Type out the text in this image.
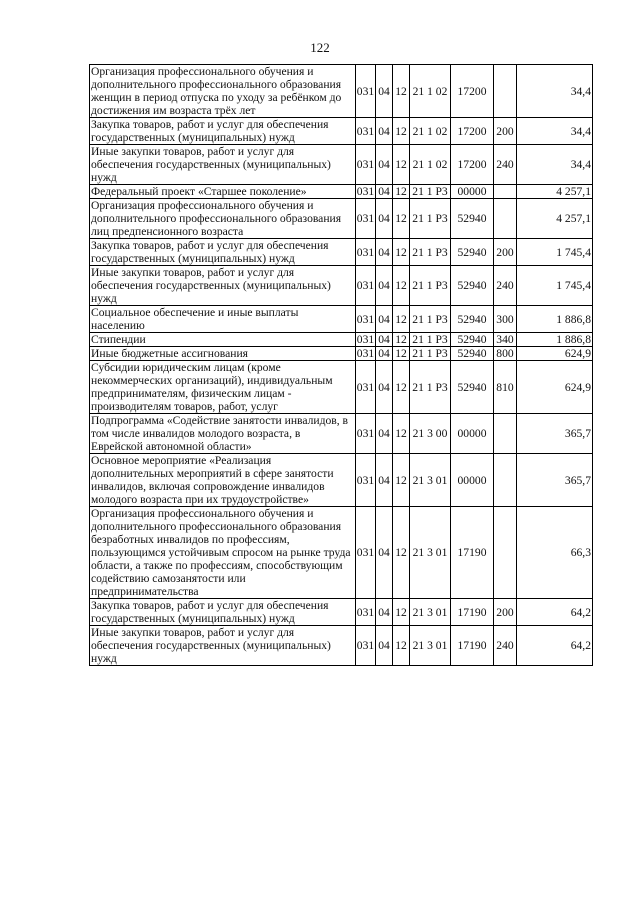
122
Организация профессионального обучения и дополнительного профессионального образования женщин в период отпуска по уходу за ребёнком до достижения им возраста трёх лет	031	04	12	21 1 02	17200		34,4
Закупка товаров, работ и услуг для обеспечения государственных (муниципальных) нужд	031	04	12	21 1 02	17200	200	34,4
Иные закупки товаров, работ и услуг для обеспечения государственных (муниципальных) нужд	031	04	12	21 1 02	17200	240	34,4
Федеральный проект «Старшее поколение»	031	04	12	21 1 P3	00000		4 257,1
Организация профессионального обучения и дополнительного профессионального образования лиц предпенсионного возраста	031	04	12	21 1 P3	52940		4 257,1
Закупка товаров, работ и услуг для обеспечения государственных (муниципальных) нужд	031	04	12	21 1 P3	52940	200	1 745,4
Иные закупки товаров, работ и услуг для обеспечения государственных (муниципальных) нужд	031	04	12	21 1 P3	52940	240	1 745,4
Социальное обеспечение и иные выплаты населению	031	04	12	21 1 P3	52940	300	1 886,8
Стипендии	031	04	12	21 1 P3	52940	340	1 886,8
Иные бюджетные ассигнования	031	04	12	21 1 P3	52940	800	624,9
Субсидии юридическим лицам (кроме некоммерческих организаций), индивидуальным предпринимателям, физическим лицам - производителям товаров, работ, услуг	031	04	12	21 1 P3	52940	810	624,9
Подпрограмма «Содействие занятости инвалидов, в том числе инвалидов молодого возраста, в Еврейской автономной области»	031	04	12	21 3 00	00000		365,7
Основное мероприятие «Реализация дополнительных мероприятий в сфере занятости инвалидов, включая сопровождение инвалидов молодого возраста при их трудоустройстве»	031	04	12	21 3 01	00000		365,7
Организация профессионального обучения и дополнительного профессионального образования безработных инвалидов по профессиям, пользующимся устойчивым спросом на рынке труда области, а также по профессиям, способствующим содействию самозанятости или предпринимательства	031	04	12	21 3 01	17190		66,3
Закупка товаров, работ и услуг для обеспечения государственных (муниципальных) нужд	031	04	12	21 3 01	17190	200	64,2
Иные закупки товаров, работ и услуг для обеспечения государственных (муниципальных) нужд	031	04	12	21 3 01	17190	240	64,2
